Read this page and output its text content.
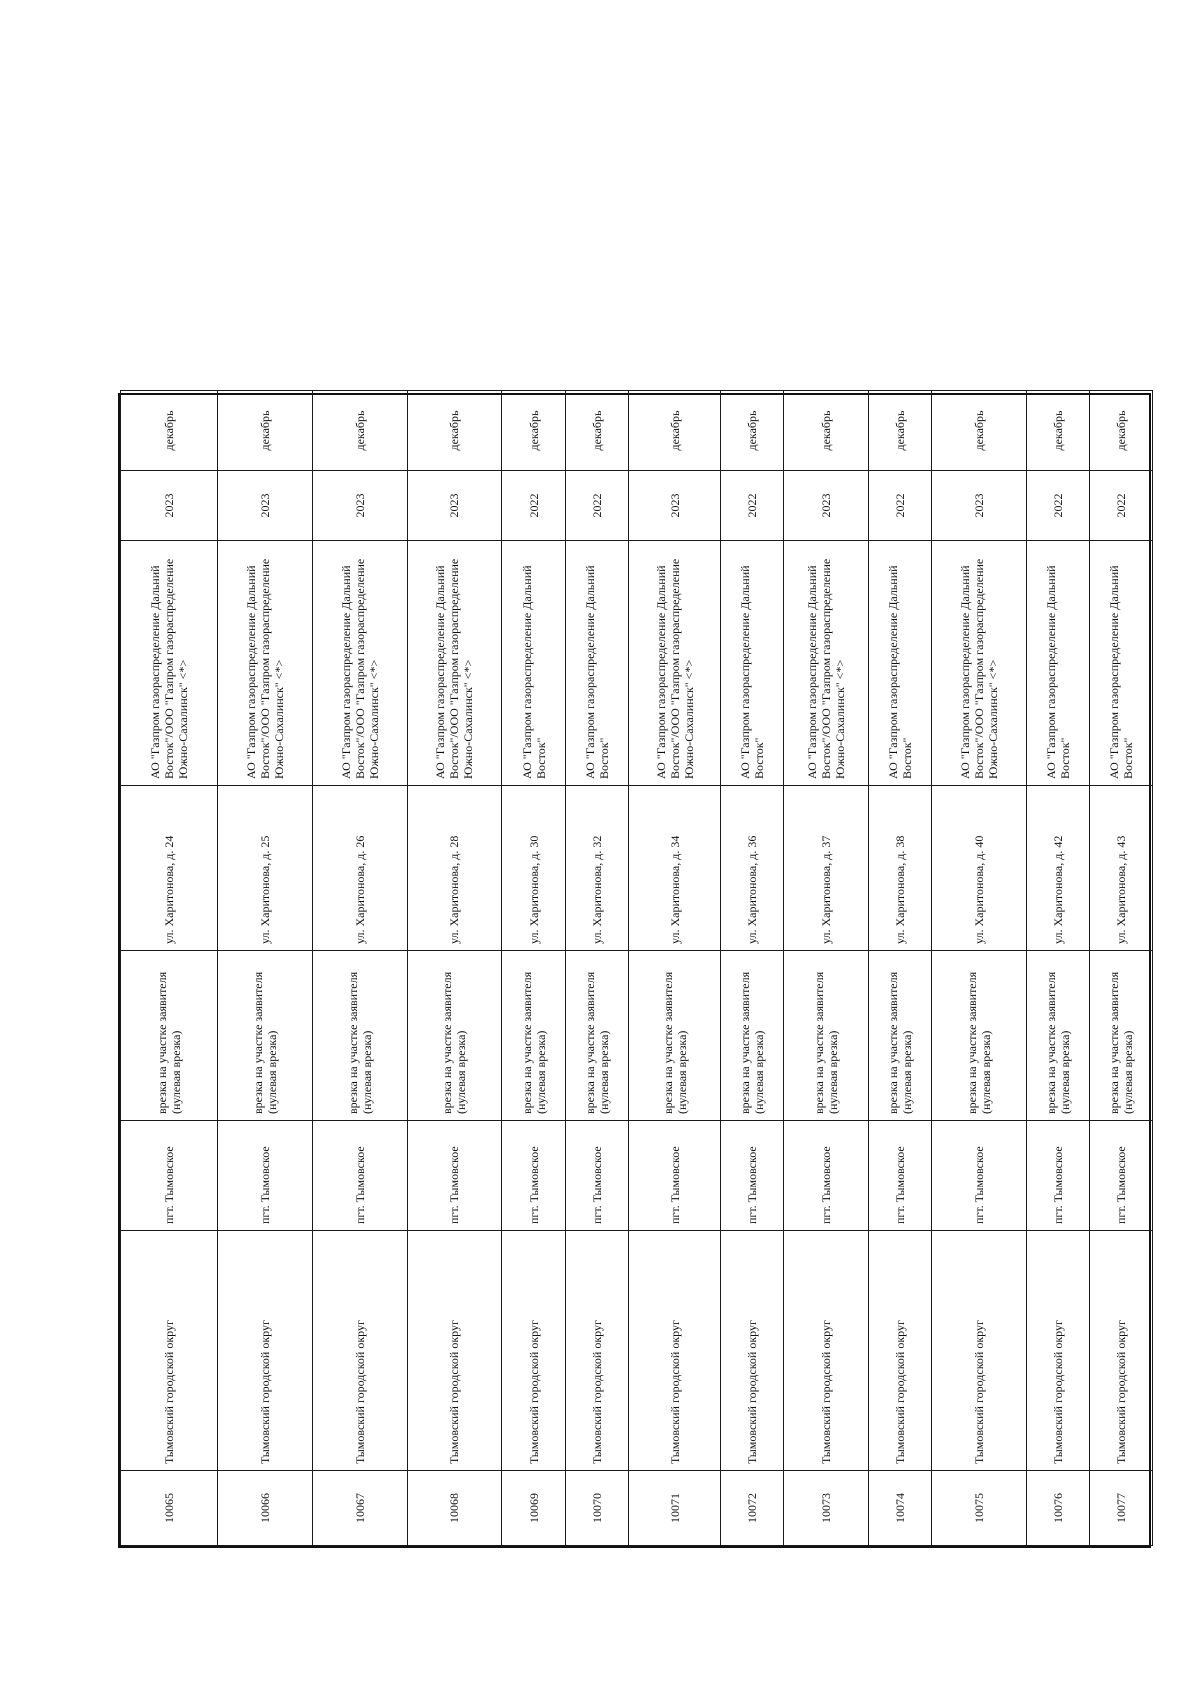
10065	Тымовский городской округ	пгт. Тымовское	врезка на участке заявителя (нулевая врезка)	ул. Харитонова, д. 24	АО "Газпром газораспределение Дальний Восток"/ООО "Газпром газораспределение Южно-Сахалинск" <*>	2023	декабрь
10066	Тымовский городской округ	пгт. Тымовское	врезка на участке заявителя (нулевая врезка)	ул. Харитонова, д. 25	АО "Газпром газораспределение Дальний Восток"/ООО "Газпром газораспределение Южно-Сахалинск" <*>	2023	декабрь
10067	Тымовский городской округ	пгт. Тымовское	врезка на участке заявителя (нулевая врезка)	ул. Харитонова, д. 26	АО "Газпром газораспределение Дальний Восток"/ООО "Газпром газораспределение Южно-Сахалинск" <*>	2023	декабрь
10068	Тымовский городской округ	пгт. Тымовское	врезка на участке заявителя (нулевая врезка)	ул. Харитонова, д. 28	АО "Газпром газораспределение Дальний Восток"/ООО "Газпром газораспределение Южно-Сахалинск" <*>	2023	декабрь
10069	Тымовский городской округ	пгт. Тымовское	врезка на участке заявителя (нулевая врезка)	ул. Харитонова, д. 30	АО "Газпром газораспределение Дальний Восток"	2022	декабрь
10070	Тымовский городской округ	пгт. Тымовское	врезка на участке заявителя (нулевая врезка)	ул. Харитонова, д. 32	АО "Газпром газораспределение Дальний Восток"	2022	декабрь
10071	Тымовский городской округ	пгт. Тымовское	врезка на участке заявителя (нулевая врезка)	ул. Харитонова, д. 34	АО "Газпром газораспределение Дальний Восток"/ООО "Газпром газораспределение Южно-Сахалинск" <*>	2023	декабрь
10072	Тымовский городской округ	пгт. Тымовское	врезка на участке заявителя (нулевая врезка)	ул. Харитонова, д. 36	АО "Газпром газораспределение Дальний Восток"	2022	декабрь
10073	Тымовский городской округ	пгт. Тымовское	врезка на участке заявителя (нулевая врезка)	ул. Харитонова, д. 37	АО "Газпром газораспределение Дальний Восток"/ООО "Газпром газораспределение Южно-Сахалинск" <*>	2023	декабрь
10074	Тымовский городской округ	пгт. Тымовское	врезка на участке заявителя (нулевая врезка)	ул. Харитонова, д. 38	АО "Газпром газораспределение Дальний Восток"	2022	декабрь
10075	Тымовский городской округ	пгт. Тымовское	врезка на участке заявителя (нулевая врезка)	ул. Харитонова, д. 40	АО "Газпром газораспределение Дальний Восток"/ООО "Газпром газораспределение Южно-Сахалинск" <*>	2023	декабрь
10076	Тымовский городской округ	пгт. Тымовское	врезка на участке заявителя (нулевая врезка)	ул. Харитонова, д. 42	АО "Газпром газораспределение Дальний Восток"	2022	декабрь
10077	Тымовский городской округ	пгт. Тымовское	врезка на участке заявителя (нулевая врезка)	ул. Харитонова, д. 43	АО "Газпром газораспределение Дальний Восток"	2022	декабрь
